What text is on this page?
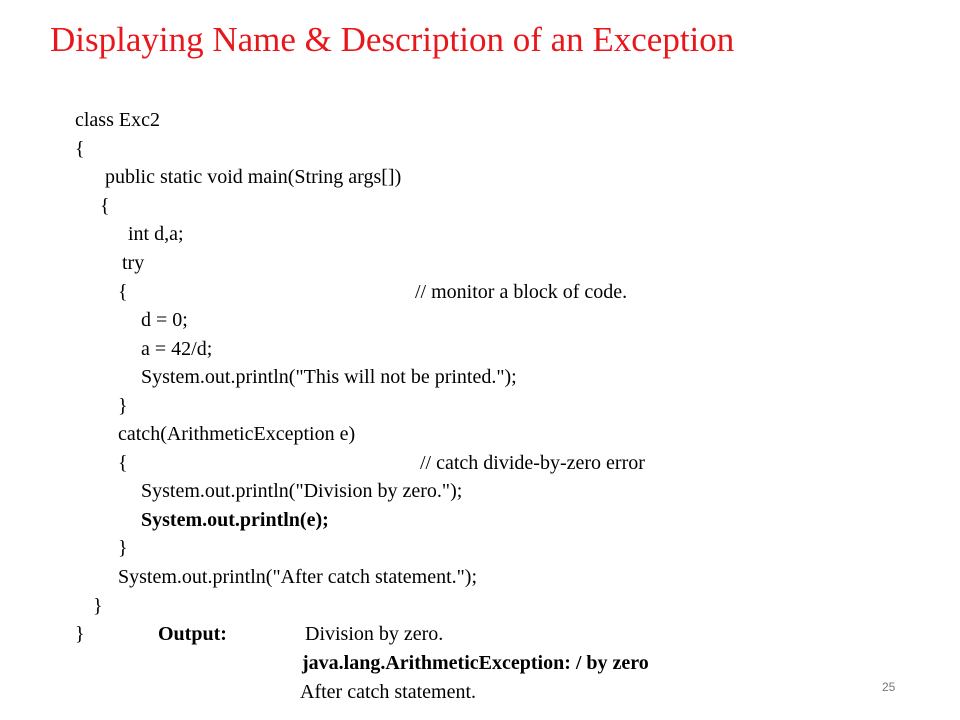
Displaying Name & Description of an Exception
class Exc2
{
public static void main(String args[])
{
int d,a;
try
{	// monitor a block of code.
d = 0;
a = 42/d;
System.out.println("This will not be printed.");
}
catch(ArithmeticException e)
{	// catch divide-by-zero error
System.out.println("Division by zero.");
System.out.println(e);
}
System.out.println("After catch statement.");
}
}	Output:	Division by zero.
java.lang.ArithmeticException: / by zero
After catch statement.	25
